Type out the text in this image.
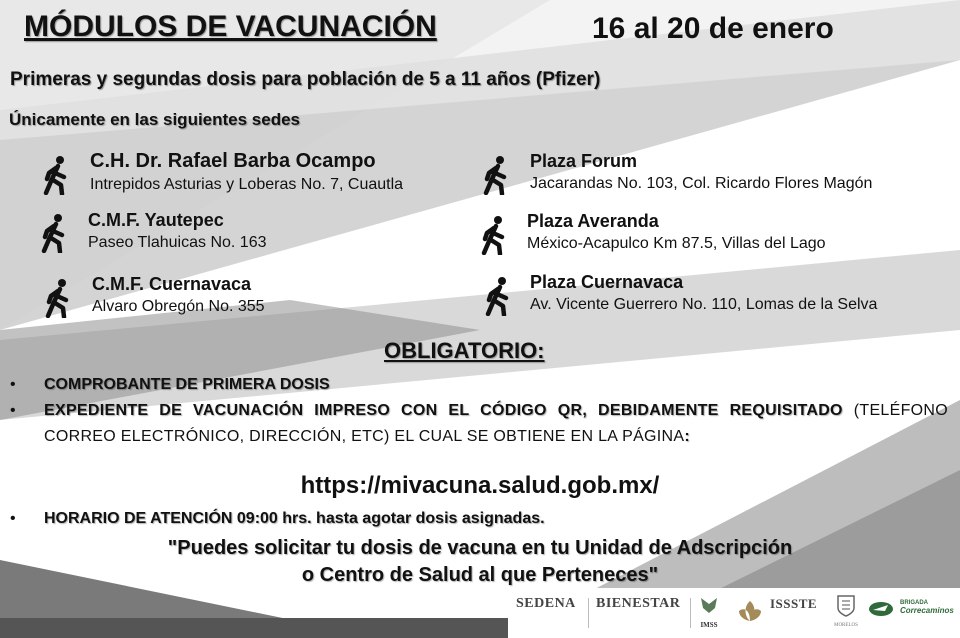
MÓDULOS DE VACUNACIÓN	16 al 20 de enero
Primeras y segundas dosis para población de 5 a 11 años (Pfizer)
Únicamente en las siguientes sedes
C.H. Dr. Rafael Barba Ocampo
Intrepidos Asturias y Loberas No. 7, Cuautla
C.M.F. Yautepec
Paseo Tlahuicas No. 163
C.M.F. Cuernavaca
Alvaro Obregón No. 355
Plaza Forum
Jacarandas No. 103, Col. Ricardo Flores Magón
Plaza Averanda
México-Acapulco Km 87.5, Villas del Lago
Plaza Cuernavaca
Av. Vicente Guerrero No. 110, Lomas de la Selva
OBLIGATORIO:
• COMPROBANTE DE PRIMERA DOSIS
• EXPEDIENTE DE VACUNACIÓN IMPRESO CON EL CÓDIGO QR, DEBIDAMENTE REQUISITADO (TELÉFONO CORREO ELECTRÓNICO, DIRECCIÓN, ETC) EL CUAL SE OBTIENE EN LA PÁGINA:
https://mivacuna.salud.gob.mx/
• HORARIO DE ATENCIÓN 09:00 hrs. hasta agotar dosis asignadas.
"Puedes solicitar tu dosis de vacuna en tu Unidad de Adscripción
o Centro de Salud al que Perteneces"
SEDENA BIENESTAR
IMSS
ISSSTE
MORELOS

BRIGADA
Correcaminos
